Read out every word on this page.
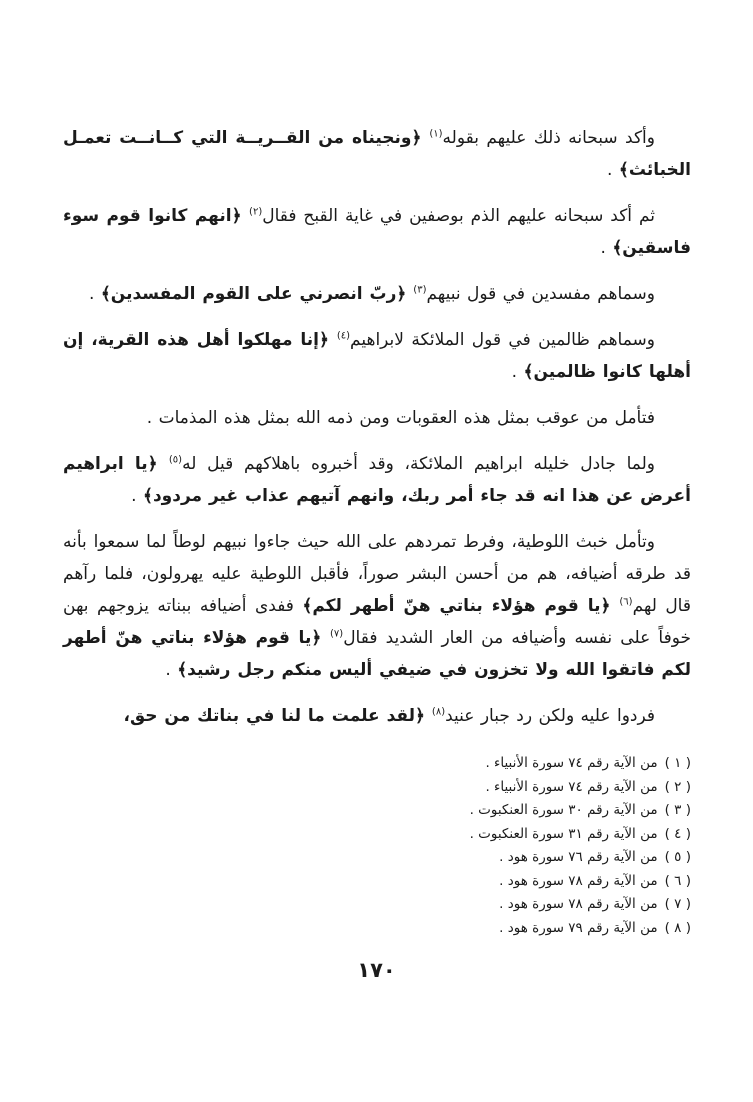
وأكد سبحانه ذلك عليهم بقوله$^{(١)}$ ﴿ونجيناه من القــريــة التي كــانــت تعمـل الخبائث﴾ .

ثم أكد سبحانه عليهم الذم بوصفين في غاية القبح فقال$^{(٢)}$ ﴿انهم كانوا قوم سوء فاسقين﴾ .

وسماهم مفسدين في قول نبيهم$^{(٣)}$ ﴿ربّ انصرني على القوم المفسدين﴾ .

وسماهم ظالمين في قول الملائكة لابراهيم$^{(٤)}$ ﴿إنا مهلكوا أهل هذه القرية، إن أهلها كانوا ظالمين﴾ .

فتأمل من عوقب بمثل هذه العقوبات ومن ذمه الله بمثل هذه المذمات .

ولما جادل خليله ابراهيم الملائكة، وقد أخبروه باهلاكهم قيل له$^{(٥)}$ ﴿يا ابراهيم أعرض عن هذا انه قد جاء أمر ربك، وانهم آتيهم عذاب غير مردود﴾ .

وتأمل خبث اللوطية، وفرط تمردهم على الله حيث جاءوا نبيهم لوطاً لما سمعوا بأنه قد طرقه أضيافه، هم من أحسن البشر صوراً، فأقبل اللوطية عليه يهرولون، فلما رآهم قال لهم$^{(٦)}$ ﴿يا قوم هؤلاء بناتي هنّ أطهر لكم﴾ ففدى أضيافه ببناته يزوجهم بهن خوفاً على نفسه وأضيافه من العار الشديد فقال$^{(٧)}$ ﴿يا قوم هؤلاء بناتي هنّ أطهر لكم فاتقوا الله ولا تخزون في ضيفي أليس منكم رجل رشيد﴾ .

فردوا عليه ولكن رد جبار عنيد$^{(٨)}$ ﴿لقد علمت ما لنا في بناتك من حق،

( ١ )من الآية رقم ٧٤ سورة الأنبياء .
( ٢ )من الآية رقم ٧٤ سورة الأنبياء .
( ٣ )من الآية رقم ٣٠ سورة العنكبوت .
( ٤ )من الآية رقم ٣١ سورة العنكبوت .
( ٥ )من الآية رقم ٧٦ سورة هود .
( ٦ )من الآية رقم ٧٨ سورة هود .
( ٧ )من الآية رقم ٧٨ سورة هود .
( ٨ )من الآية رقم ٧٩ سورة هود .
١٧٠
